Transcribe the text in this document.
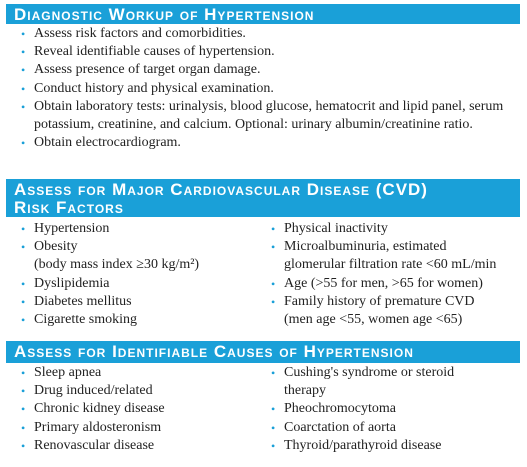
Diagnostic Workup of Hypertension
• Assess risk factors and comorbidities.
• Reveal identifiable causes of hypertension.
• Assess presence of target organ damage.
• Conduct history and physical examination.
• Obtain laboratory tests: urinalysis, blood glucose, hematocrit and lipid panel, serum potassium, creatinine, and calcium. Optional: urinary albumin/creatinine ratio.
• Obtain electrocardiogram.
Assess for Major Cardiovascular Disease (CVD)
Risk Factors
• Hypertension
• Obesity
(body mass index ≥30 kg/m²)
• Dyslipidemia
• Diabetes mellitus
• Cigarette smoking
• Physical inactivity
• Microalbuminuria, estimated
glomerular filtration rate <60 mL/min
• Age (>55 for men, >65 for women)
• Family history of premature CVD
(men age <55, women age <65)
Assess for Identifiable Causes of Hypertension
• Sleep apnea
• Drug induced/related
• Chronic kidney disease
• Primary aldosteronism
• Renovascular disease
• Cushing's syndrome or steroid
therapy
• Pheochromocytoma
• Coarctation of aorta
• Thyroid/parathyroid disease
